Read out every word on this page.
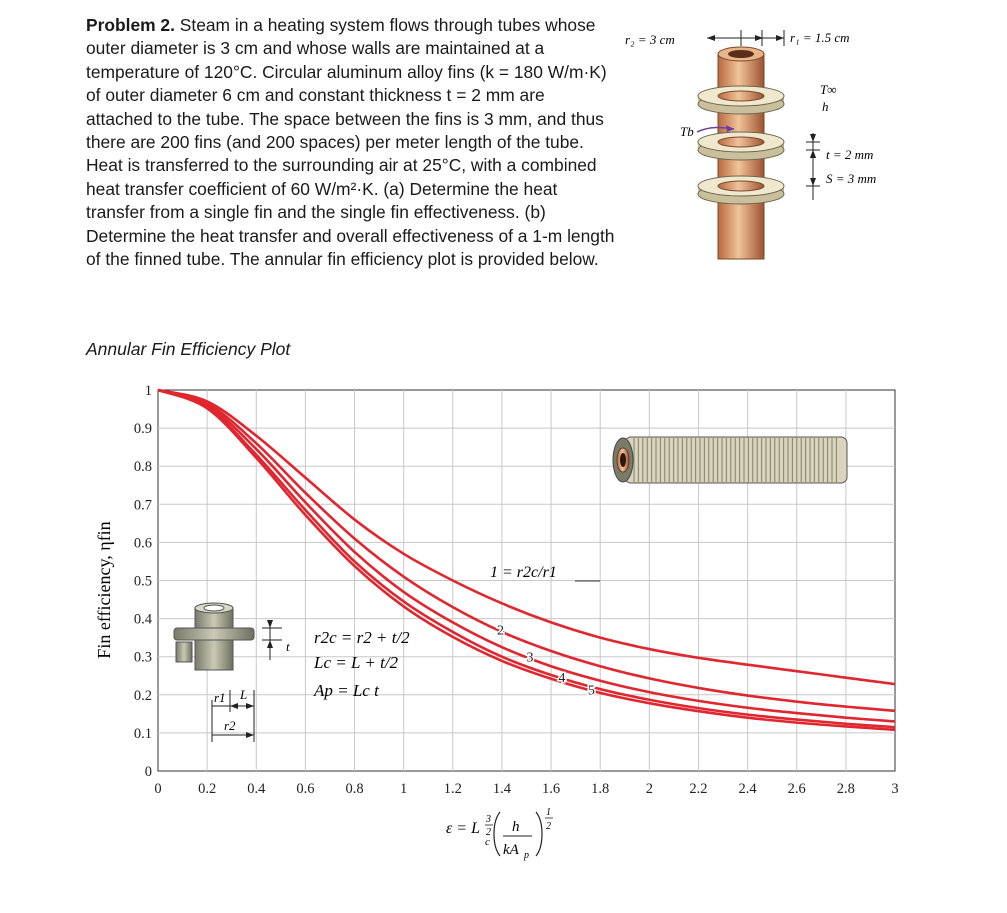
Problem 2. Steam in a heating system flows through tubes whose outer diameter is 3 cm and whose walls are maintained at a temperature of 120°C. Circular aluminum alloy fins (k = 180 W/m·K) of outer diameter 6 cm and constant thickness t = 2 mm are attached to the tube. The space between the fins is 3 mm, and thus there are 200 fins (and 200 spaces) per meter length of the tube. Heat is transferred to the surrounding air at 25°C, with a combined heat transfer coefficient of 60 W/m²·K. (a) Determine the heat transfer from a single fin and the single fin effectiveness. (b) Determine the heat transfer and overall effectiveness of a 1-m length of the finned tube. The annular fin efficiency plot is provided below.

Annular Fin Efficiency Plot
r₂ = 3 cm	r₁ = 1.5 cm
T∞
h
Tb
t = 2 mm
S = 3 mm
0	0.2 0.4 0.6 0.8	1	1.2 1.4 1.6 1.8	2	2.2 2.4 2.6 2.8	3
0
0.1
0.2
0.3
0.4
0.5
0.6
0.7
0.8
0.9
1
2
3
4
5
Fin efficiency, ηfin	1 = r2c/r1
ε = L
3
2
c
h
kA p
1
2
t
L
r1
r2
r2c = r2 + t/2
Lc = L + t/2
Ap = Lc t
